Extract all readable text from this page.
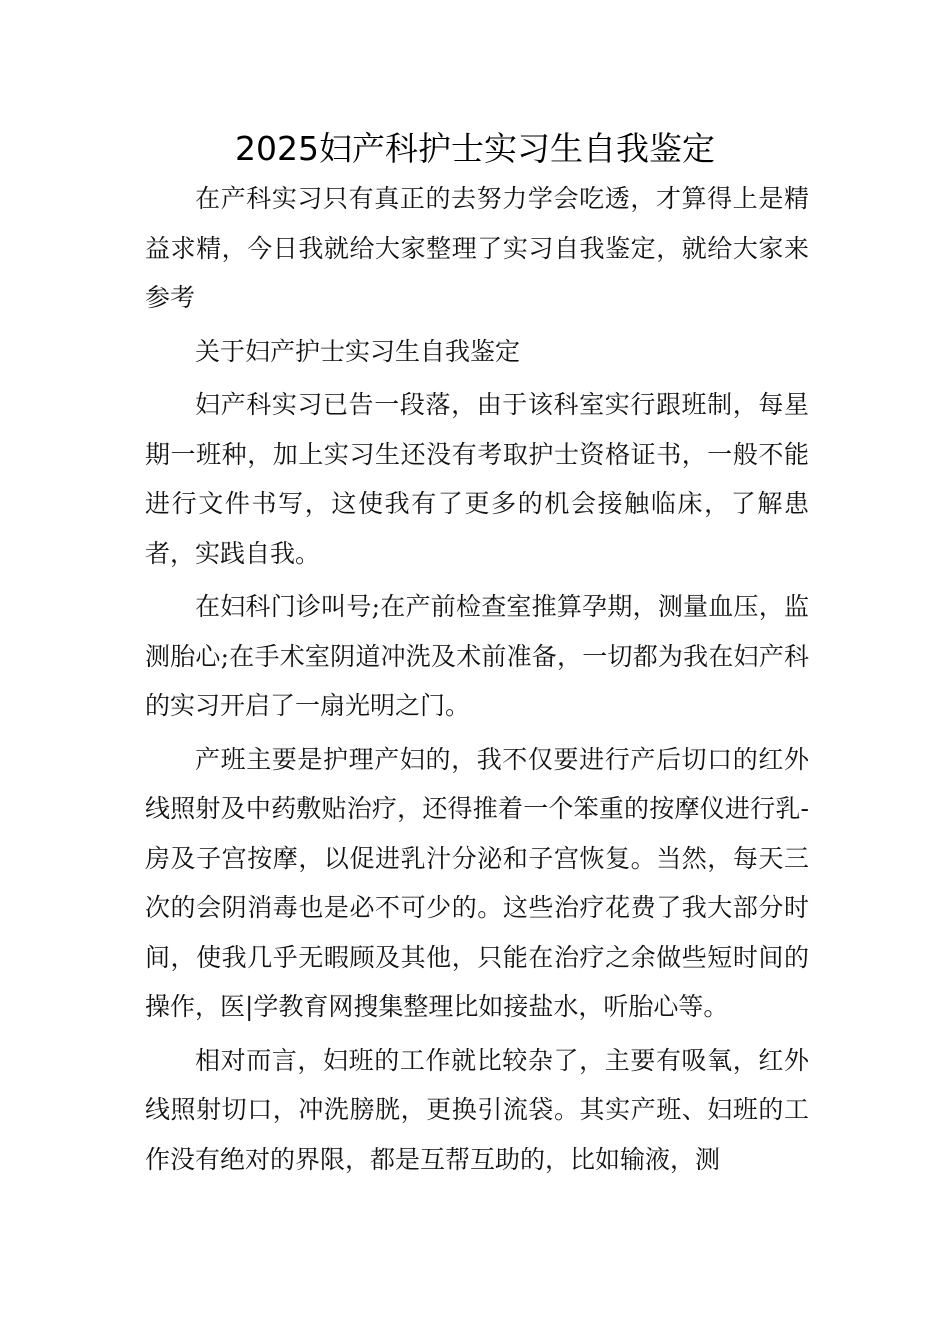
2025妇产科护士实习生自我鉴定

在产科实习只有真正的去努力学会吃透，才算得上是精益求精，今日我就给大家整理了实习自我鉴定，就给大家来参考

关于妇产护士实习生自我鉴定

妇产科实习已告一段落，由于该科室实行跟班制，每星期一班种，加上实习生还没有考取护士资格证书，一般不能进行文件书写，这使我有了更多的机会接触临床，了解患者，实践自我。

在妇科门诊叫号;在产前检查室推算孕期，测量血压，监测胎心;在手术室阴道冲洗及术前准备，一切都为我在妇产科的实习开启了一扇光明之门。

产班主要是护理产妇的，我不仅要进行产后切口的红外线照射及中药敷贴治疗，还得推着一个笨重的按摩仪进行乳-房及子宫按摩，以促进乳汁分泌和子宫恢复。当然，每天三次的会阴消毒也是必不可少的。这些治疗花费了我大部分时间，使我几乎无暇顾及其他，只能在治疗之余做些短时间的操作，医|学教育网搜集整理比如接盐水，听胎心等。

相对而言，妇班的工作就比较杂了，主要有吸氧，红外线照射切口，冲洗膀胱，更换引流袋。其实产班、妇班的工作没有绝对的界限，都是互帮互助的，比如输液，测
